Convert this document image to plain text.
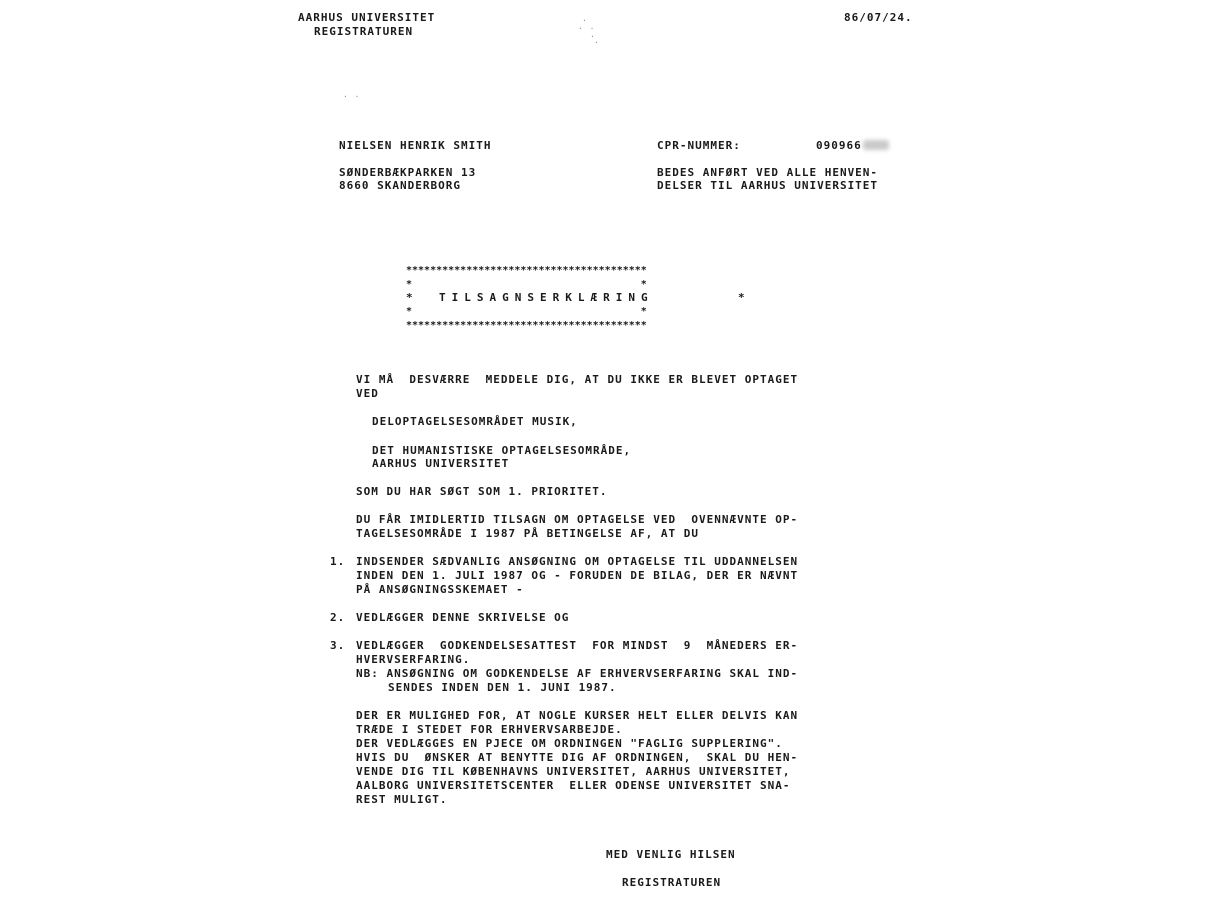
AARHUS UNIVERSITET

REGISTRATUREN

86/07/24.

.
. .
.
.
. .

NIELSEN HENRIK SMITH

SØNDERBÆKPARKEN 13

8660 SKANDERBORG

CPR-NUMMER:	090966

BEDES ANFØRT VED ALLE HENVEN-

DELSER TIL AARHUS UNIVERSITET

****************************************

*                                      *

* TILSAGNSERKLÆRING	*

*                                      *

****************************************

VI MÅ  DESVÆRRE  MEDDELE DIG, AT DU IKKE ER BLEVET OPTAGET

VED

DELOPTAGELSESOMRÅDET MUSIK,

DET HUMANISTISKE OPTAGELSESOMRÅDE,

AARHUS UNIVERSITET

SOM DU HAR SØGT SOM 1. PRIORITET.

DU FÅR IMIDLERTID TILSAGN OM OPTAGELSE VED  OVENNÆVNTE OP-

TAGELSESOMRÅDE I 1987 PÅ BETINGELSE AF, AT DU

1. INDSENDER SÆDVANLIG ANSØGNING OM OPTAGELSE TIL UDDANNELSEN

INDEN DEN 1. JULI 1987 OG - FORUDEN DE BILAG, DER ER NÆVNT

PÅ ANSØGNINGSSKEMAET -

2. VEDLÆGGER DENNE SKRIVELSE OG

3. VEDLÆGGER  GODKENDELSESATTEST  FOR MINDST  9  MÅNEDERS ER-

HVERVSERFARING.

NB: ANSØGNING OM GODKENDELSE AF ERHVERVSERFARING SKAL IND-

SENDES INDEN DEN 1. JUNI 1987.

DER ER MULIGHED FOR, AT NOGLE KURSER HELT ELLER DELVIS KAN

TRÆDE I STEDET FOR ERHVERVSARBEJDE.

DER VEDLÆGGES EN PJECE OM ORDNINGEN "FAGLIG SUPPLERING".

HVIS DU  ØNSKER AT BENYTTE DIG AF ORDNINGEN,  SKAL DU HEN-

VENDE DIG TIL KØBENHAVNS UNIVERSITET, AARHUS UNIVERSITET,

AALBORG UNIVERSITETSCENTER  ELLER ODENSE UNIVERSITET SNA-

REST MULIGT.

MED VENLIG HILSEN

REGISTRATUREN
